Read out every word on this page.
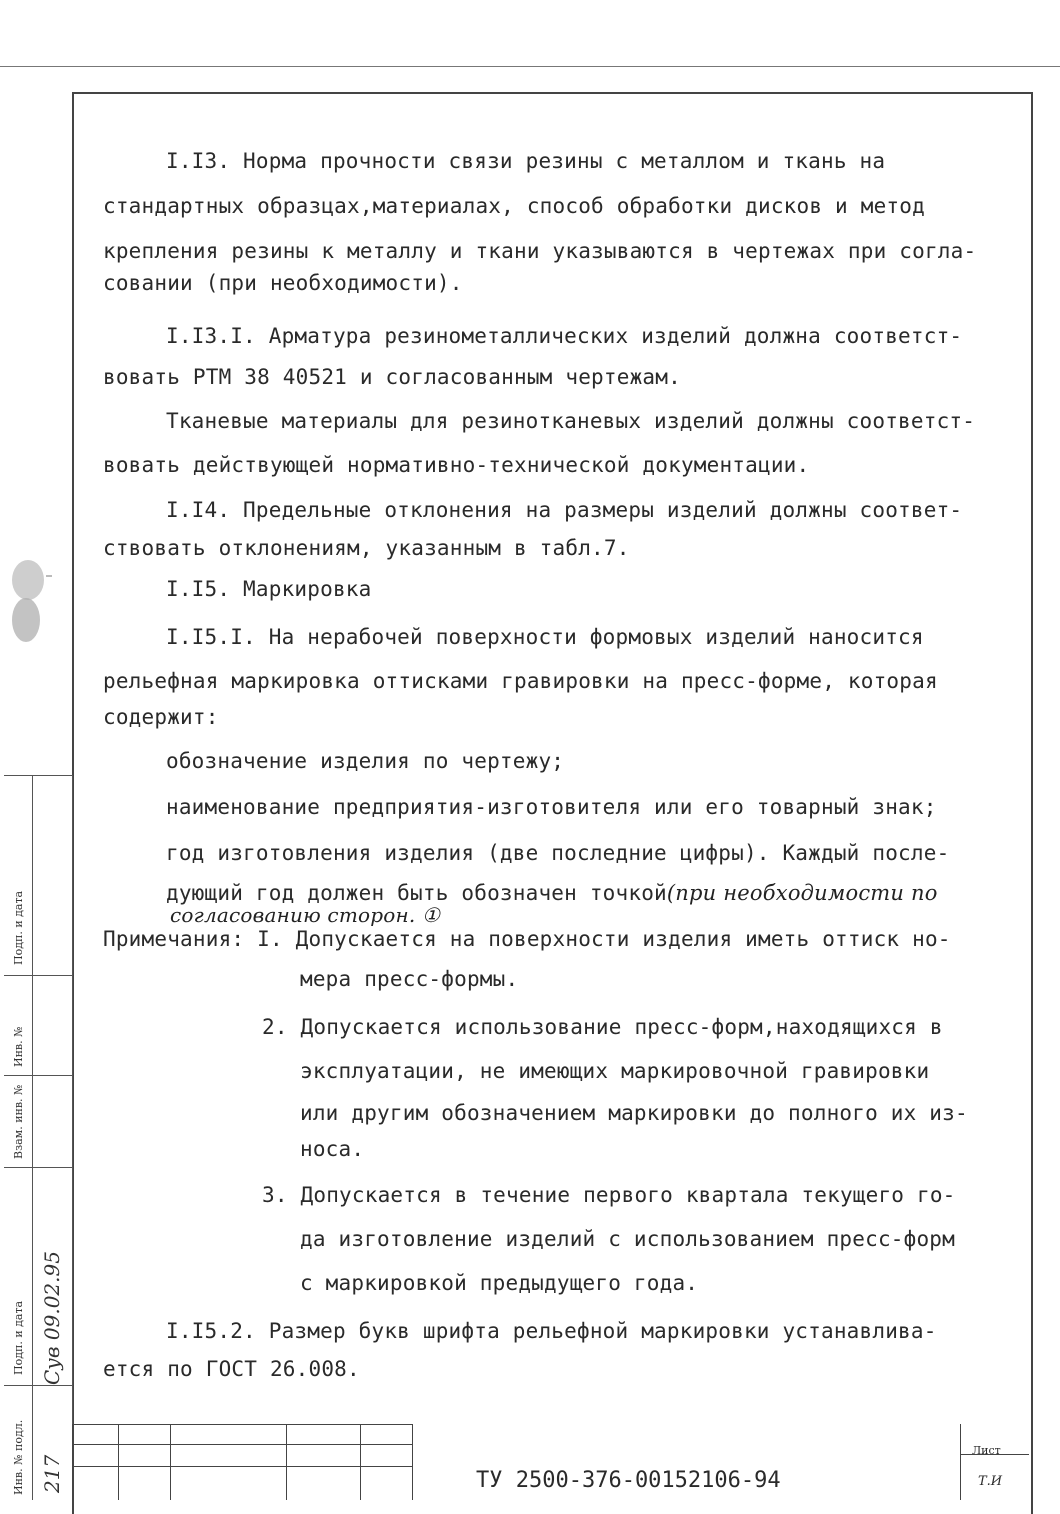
I.I3. Норма прочности связи резины с металлом и ткань на
стандартных образцах,материалах, способ обработки дисков и метод
крепления резины к металлу и ткани указываются в чертежах при согла-
совании (при необходимости).
I.I3.I. Арматура резинометаллических изделий должна соответст-
вовать РТМ 38 40521 и согласованным чертежам.
Тканевые материалы для резинотканевых изделий должны соответст-
вовать действующей нормативно-технической документации.
I.I4. Предельные отклонения на размеры изделий должны соответ-
ствовать отклонениям, указанным в табл.7.
I.I5. Маркировка
I.I5.I. На нерабочей поверхности формовых изделий наносится
рельефная маркировка оттисками гравировки на пресс-форме, которая
содержит:
обозначение изделия по чертежу;
наименование предприятия-изготовителя или его товарный знак;
год изготовления изделия (две последние цифры). Каждый после-
дующий год должен быть обозначен точкой(при необходимости по
согласованию сторон. ①
Примечания: I. Допускается на поверхности изделия иметь оттиск но-
мера пресс-формы.
2. Допускается использование пресс-форм,находящихся в
эксплуатации, не имеющих маркировочной гравировки
или другим обозначением маркировки до полного их из-
носа.
3. Допускается в течение первого квартала текущего го-
да изготовление изделий с использованием пресс-форм
с маркировкой предыдущего года.
I.I5.2. Размер букв шрифта рельефной маркировки устанавлива-
ется по ГОСТ 26.008.
Подп. и дата
Инв. №
Взам. инв. №
Подп. и дата
Инв. № подл.
Сув 09.02.95
217	ТУ 2500-376-00152106-94
Лист
Т.И
